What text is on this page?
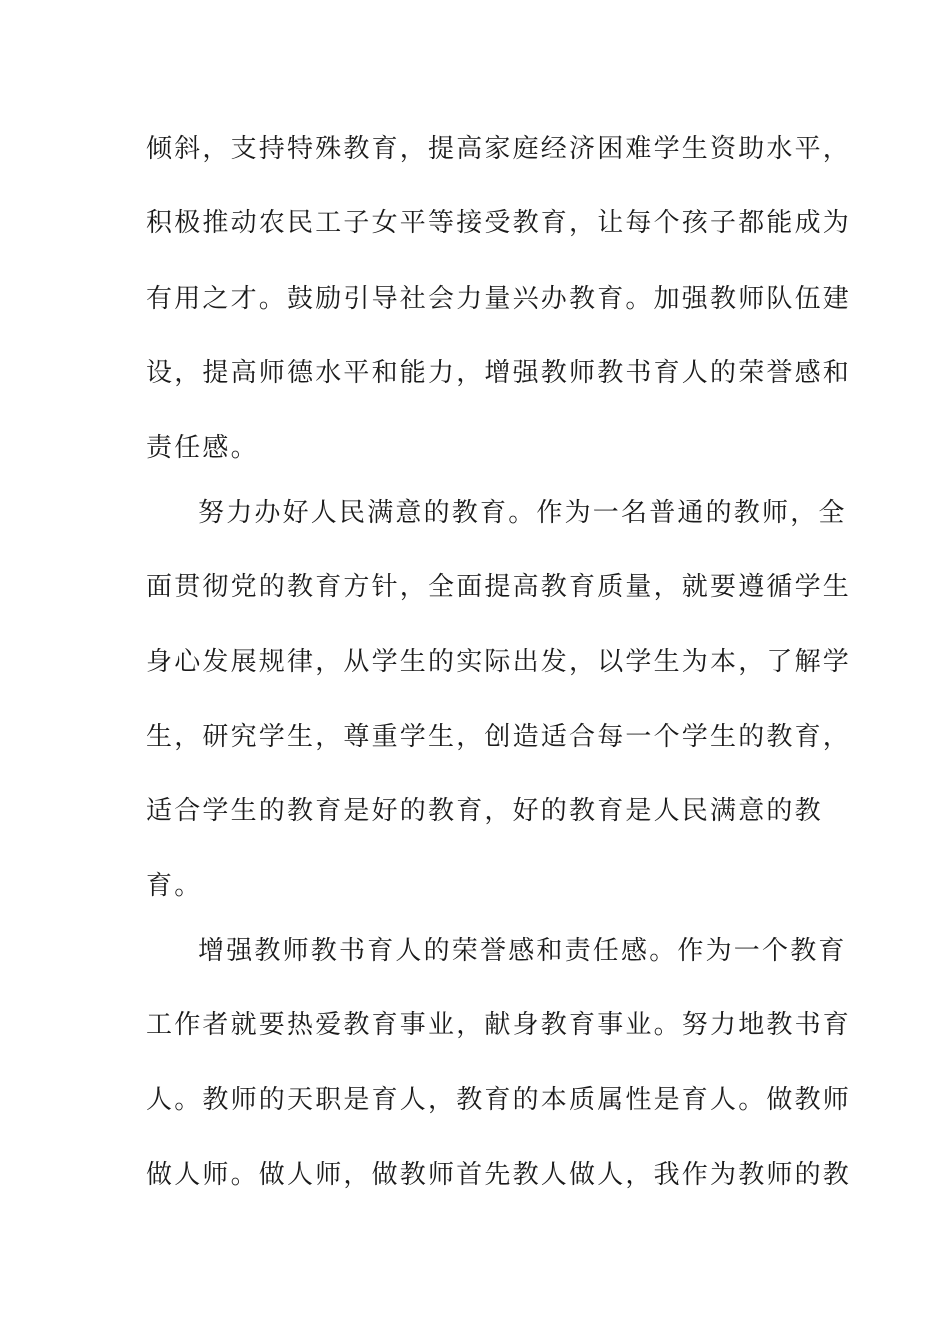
倾斜，支持特殊教育，提高家庭经济困难学生资助水平，
积极推动农民工子女平等接受教育，让每个孩子都能成为
有用之才。鼓励引导社会力量兴办教育。加强教师队伍建
设，提高师德水平和能力，增强教师教书育人的荣誉感和
责任感。
努力办好人民满意的教育。作为一名普通的教师，全
面贯彻党的教育方针，全面提高教育质量，就要遵循学生
身心发展规律，从学生的实际出发，以学生为本，了解学
生，研究学生，尊重学生，创造适合每一个学生的教育，
适合学生的教育是好的教育，好的教育是人民满意的教
育。
增强教师教书育人的荣誉感和责任感。作为一个教育
工作者就要热爱教育事业，献身教育事业。努力地教书育
人。教师的天职是育人，教育的本质属性是育人。做教师
做人师。做人师，做教师首先教人做人，我作为教师的教
